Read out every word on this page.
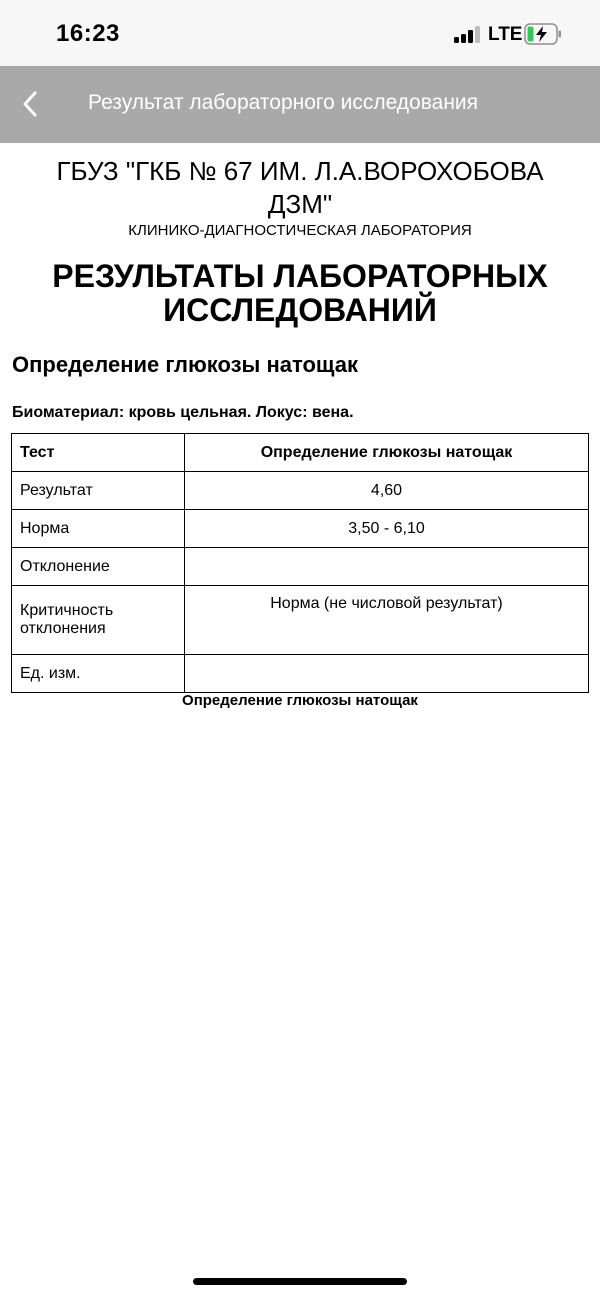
16:23	LTE
Результат лабораторного исследования
ГБУЗ "ГКБ № 67 ИМ. Л.А.ВОРОХОБОВА ДЗМ"
КЛИНИКО-ДИАГНОСТИЧЕСКАЯ ЛАБОРАТОРИЯ
РЕЗУЛЬТАТЫ ЛАБОРАТОРНЫХ ИССЛЕДОВАНИЙ
Определение глюкозы натощак
Биоматериал: кровь цельная. Локус: вена.
Тест	Определение глюкозы натощак
Результат	4,60
Норма	3,50 - 6,10
Отклонение	
Критичность отклонения	Норма (не числовой результат)
Ед. изм.	
Определение глюкозы натощак
